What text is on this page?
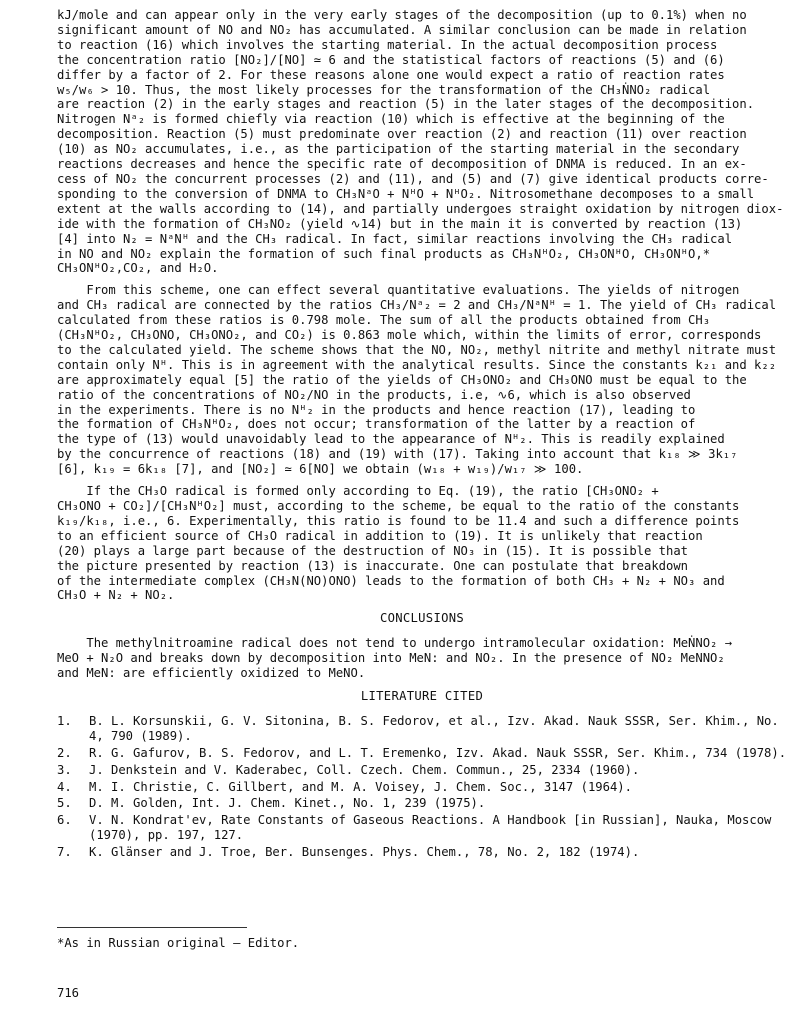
kJ/mole and can appear only in the very early stages of the decomposition (up to 0.1%) when no
significant amount of NO and NO₂ has accumulated. A similar conclusion can be made in relation
to reaction (16) which involves the starting material. In the actual decomposition process
the concentration ratio [NO₂]/[NO] ≃ 6 and the statistical factors of reactions (5) and (6)
differ by a factor of 2. For these reasons alone one would expect a ratio of reaction rates
w₅/w₆ > 10. Thus, the most likely processes for the transformation of the CH₃ṄNO₂ radical
are reaction (2) in the early stages and reaction (5) in the later stages of the decomposition.
Nitrogen Nᵃ₂ is formed chiefly via reaction (10) which is effective at the beginning of the
decomposition. Reaction (5) must predominate over reaction (2) and reaction (11) over reaction
(10) as NO₂ accumulates, i.e., as the participation of the starting material in the secondary
reactions decreases and hence the specific rate of decomposition of DNMA is reduced. In an ex-
cess of NO₂ the concurrent processes (2) and (11), and (5) and (7) give identical products corre-
sponding to the conversion of DNMA to CH₃NᵃO + NᴴO + NᴴO₂. Nitrosomethane decomposes to a small
extent at the walls according to (14), and partially undergoes straight oxidation by nitrogen diox-
ide with the formation of CH₃NO₂ (yield ∿14) but in the main it is converted by reaction (13)
[4] into N₂ = NᵃNᴴ and the CH₃ radical. In fact, similar reactions involving the CH₃ radical
in NO and NO₂ explain the formation of such final products as CH₃NᴴO₂, CH₃ONᴴO, CH₃ONᴴO,*
CH₃ONᴴO₂,CO₂, and H₂O.
From this scheme, one can effect several quantitative evaluations. The yields of nitrogen
and CH₃ radical are connected by the ratios CH₃/Nᵃ₂ = 2 and CH₃/NᵃNᴴ = 1. The yield of CH₃ radical
calculated from these ratios is 0.798 mole. The sum of all the products obtained from CH₃
(CH₃NᴴO₂, CH₃ONO, CH₃ONO₂, and CO₂) is 0.863 mole which, within the limits of error, corresponds
to the calculated yield. The scheme shows that the NO, NO₂, methyl nitrite and methyl nitrate must
contain only Nᴴ. This is in agreement with the analytical results. Since the constants k₂₁ and k₂₂
are approximately equal [5] the ratio of the yields of CH₃ONO₂ and CH₃ONO must be equal to the
ratio of the concentrations of NO₂/NO in the products, i.e, ∿6, which is also observed
in the experiments. There is no Nᴴ₂ in the products and hence reaction (17), leading to
the formation of CH₃NᴴO₂, does not occur; transformation of the latter by a reaction of
the type of (13) would unavoidably lead to the appearance of Nᴴ₂. This is readily explained
by the concurrence of reactions (18) and (19) with (17). Taking into account that k₁₈ ≫ 3k₁₇
[6], k₁₉ = 6k₁₈ [7], and [NO₂] ≃ 6[NO] we obtain (w₁₈ + w₁₉)/w₁₇ ≫ 100.
If the CH₃O radical is formed only according to Eq. (19), the ratio [CH₃ONO₂ +
CH₃ONO + CO₂]/[CH₃NᴴO₂] must, according to the scheme, be equal to the ratio of the constants
k₁₉/k₁₈, i.e., 6. Experimentally, this ratio is found to be 11.4 and such a difference points
to an efficient source of CH₃O radical in addition to (19). It is unlikely that reaction
(20) plays a large part because of the destruction of NO₃ in (15). It is possible that
the picture presented by reaction (13) is inaccurate. One can postulate that breakdown
of the intermediate complex (CH₃N(NO)ONO) leads to the formation of both CH₃ + N₂ + NO₃ and
CH₃O + N₂ + NO₂.
CONCLUSIONS
The methylnitroamine radical does not tend to undergo intramolecular oxidation: MeṄNO₂ →
MeO + N₂O and breaks down by decomposition into MeN: and NO₂. In the presence of NO₂ MeNNO₂
and MeN: are efficiently oxidized to MeNO.
LITERATURE CITED
1.	B. L. Korsunskii, G. V. Sitonina, B. S. Fedorov, et al., Izv. Akad. Nauk SSSR, Ser. Khim., No. 4, 790 (1989).
2.	R. G. Gafurov, B. S. Fedorov, and L. T. Eremenko, Izv. Akad. Nauk SSSR, Ser. Khim., 734 (1978).
3.	J. Denkstein and V. Kaderabec, Coll. Czech. Chem. Commun., 25, 2334 (1960).
4.	M. I. Christie, C. Gillbert, and M. A. Voisey, J. Chem. Soc., 3147 (1964).
5.	D. M. Golden, Int. J. Chem. Kinet., No. 1, 239 (1975).
6.	V. N. Kondrat'ev, Rate Constants of Gaseous Reactions. A Handbook [in Russian], Nauka, Moscow (1970), pp. 197, 127.
7.	K. Glänser and J. Troe, Ber. Bunsenges. Phys. Chem., 78, No. 2, 182 (1974).
*As in Russian original — Editor.
716
